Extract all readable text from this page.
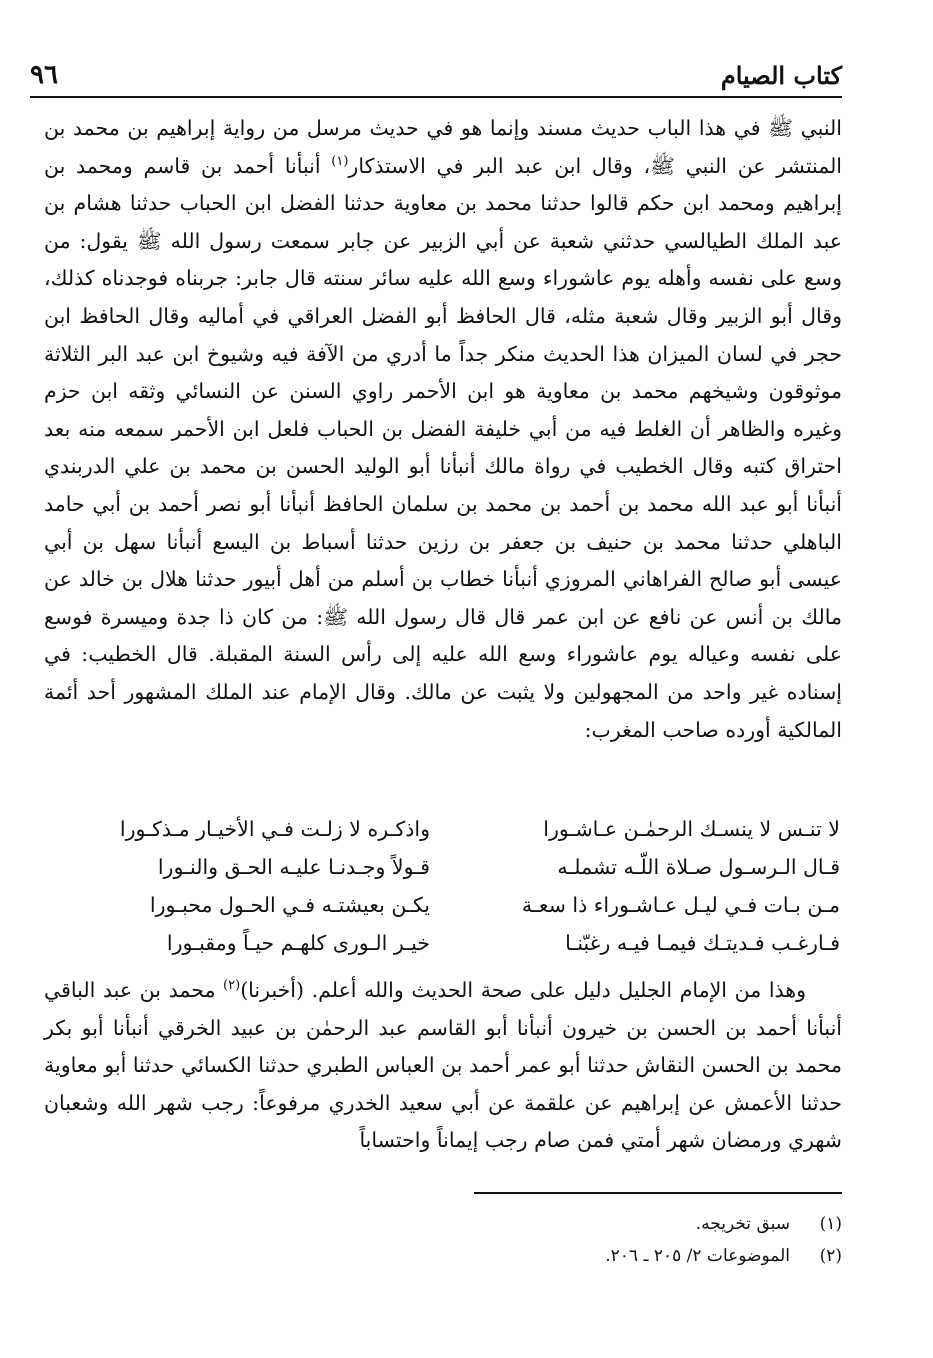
كتاب الصيام
٩٦

النبي ﷺ في هذا الباب حديث مسند وإنما هو في حديث مرسل من رواية إبراهيم بن محمد بن المنتشر عن النبي ﷺ، وقال ابن عبد البر في الاستذكار$^{(١)}$ أنبأنا أحمد بن قاسم ومحمد بن إبراهيم ومحمد ابن حكم قالوا حدثنا محمد بن معاوية حدثنا الفضل ابن الحباب حدثنا هشام بن عبد الملك الطيالسي حدثني شعبة عن أبي الزبير عن جابر سمعت رسول الله ﷺ يقول: من وسع على نفسه وأهله يوم عاشوراء وسع الله عليه سائر سنته قال جابر: جربناه فوجدناه كذلك، وقال أبو الزبير وقال شعبة مثله، قال الحافظ أبو الفضل العراقي في أماليه وقال الحافظ ابن حجر في لسان الميزان هذا الحديث منكر جداً ما أدري من الآفة فيه وشيوخ ابن عبد البر الثلاثة موثوقون وشيخهم محمد بن معاوية هو ابن الأحمر راوي السنن عن النسائي وثقه ابن حزم وغيره والظاهر أن الغلط فيه من أبي خليفة الفضل بن الحباب فلعل ابن الأحمر سمعه منه بعد احتراق كتبه وقال الخطيب في رواة مالك أنبأنا أبو الوليد الحسن بن محمد بن علي الدربندي أنبأنا أبو عبد الله محمد بن أحمد بن محمد بن سلمان الحافظ أنبأنا أبو نصر أحمد بن أبي حامد الباهلي حدثنا محمد بن حنيف بن جعفر بن رزين حدثنا أسباط بن اليسع أنبأنا سهل بن أبي عيسى أبو صالح الفراهاني المروزي أنبأنا خطاب بن أسلم من أهل أبيور حدثنا هلال بن خالد عن مالك بن أنس عن نافع عن ابن عمر قال قال رسول الله ﷺ: من كان ذا جدة وميسرة فوسع على نفسه وعياله يوم عاشوراء وسع الله عليه إلى رأس السنة المقبلة. قال الخطيب: في إسناده غير واحد من المجهولين ولا يثبت عن مالك. وقال الإمام عند الملك المشهور أحد أئمة المالكية أورده صاحب المغرب:

لا تنـس لا ينسـك الرحمٰـن عـاشـورا
واذكـره لا زلـت فـي الأخيـار مـذكـورا
قـال الـرسـول صـلاة اللّـه تشملـه
قـولاً وجـدنـا عليـه الحـق والنـورا
مـن بـات فـي ليـل عـاشـوراء ذا سعـة
يكـن بعيشتـه فـي الحـول محبـورا
فـارغـب فـديتـك فيمـا فيـه رغبّنـا
خيـر الـورى كلهـم حيـاً ومقبـورا

وهذا من الإمام الجليل دليل على صحة الحديث والله أعلم. (أخبرنا)$^{(٢)}$ محمد بن عبد الباقي أنبأنا أحمد بن الحسن بن خيرون أنبأنا أبو القاسم عبد الرحمٰن بن عبيد الخرقي أنبأنا أبو بكر محمد بن الحسن النقاش حدثنا أبو عمر أحمد بن العباس الطبري حدثنا الكسائي حدثنا أبو معاوية حدثنا الأعمش عن إبراهيم عن علقمة عن أبي سعيد الخدري مرفوعاً: رجب شهر الله وشعبان شهري ورمضان شهر أمتي فمن صام رجب إيماناً واحتساباً

(١)
سبق تخريجه.
(٢)
الموضوعات ٢/ ٢٠٥ ـ ٢٠٦.
